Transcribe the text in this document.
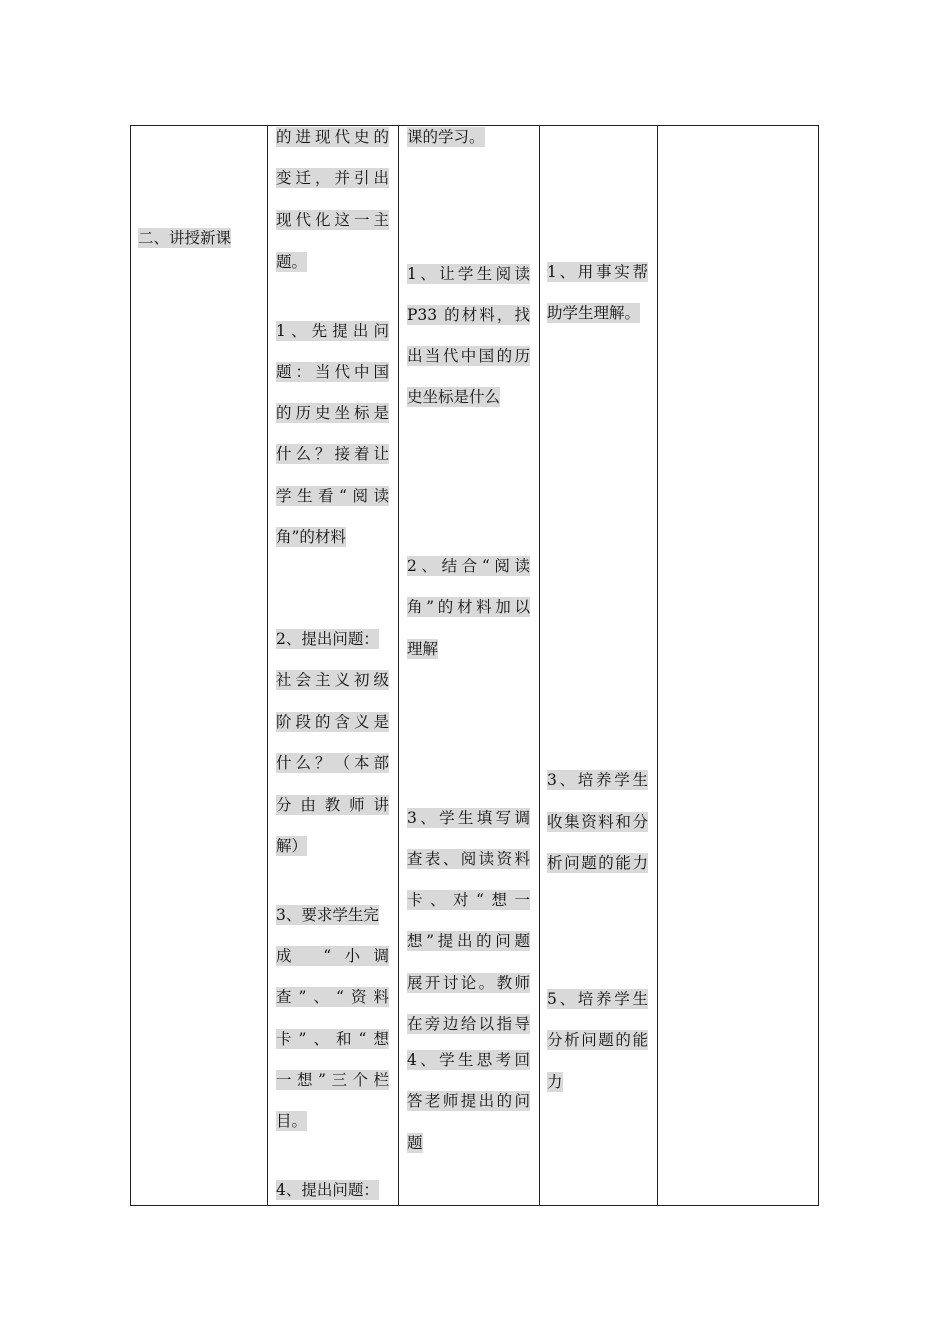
二、讲授新课
的进现代史的
变迁，并引出
现代化这一主
题。
1、先提出问
题：当代中国
的历史坐标是
什么？接着让
学生看“阅读
角”的材料
2、提出问题：
社会主义初级
阶段的含义是
什么？（本部
分由教师讲
解）
3、要求学生完
成 “小调
查”、“资料
卡”、和“想
一想”三个栏
目。
4、提出问题：
课的学习。
1、让学生阅读
P33 的材料，找
出当代中国的历
史坐标是什么
2、结合“阅读
角”的材料加以
理解
3、学生填写调
查表、阅读资料
卡、对“想一
想”提出的问题
展开讨论。教师
在旁边给以指导
4、学生思考回
答老师提出的问
题
1、用事实帮
助学生理解。
3、培养学生
收集资料和分
析问题的能力
5、培养学生
分析问题的能
力
